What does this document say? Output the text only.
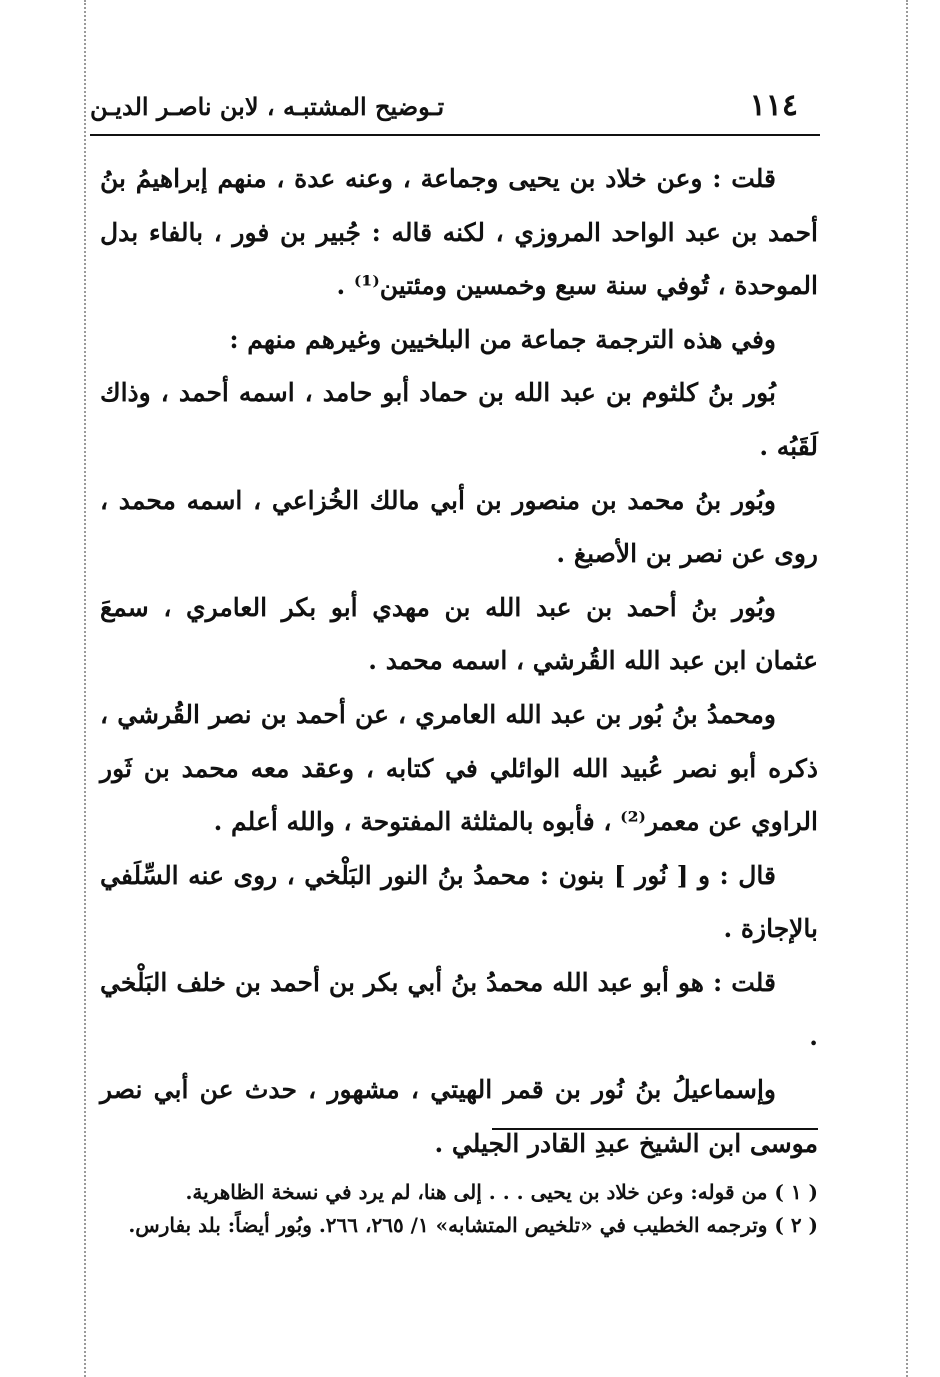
١١٤
تـوضيح المشتبـه ، لابن ناصـر الديـن

قلت : وعن خلاد بن يحيى وجماعة ، وعنه عدة ، منهم إبراهيمُ بنُ أحمد بن عبد الواحد المروزي ، لكنه قاله : جُبير بن فور ، بالفاء بدل الموحدة ، تُوفي سنة سبع وخمسين ومئتين⁽¹⁾ .

وفي هذه الترجمة جماعة من البلخيين وغيرهم منهم :

بُور بنُ كلثوم بن عبد الله بن حماد أبو حامد ، اسمه أحمد ، وذاك لَقَبُه .

وبُور بنُ محمد بن منصور بن أبي مالك الخُزاعي ، اسمه محمد ، روى عن نصر بن الأصبغ .

وبُور بنُ أحمد بن عبد الله بن مهدي أبو بكر العامري ، سمعَ عثمان ابن عبد الله القُرشي ، اسمه محمد .

ومحمدُ بنُ بُور بن عبد الله العامري ، عن أحمد بن نصر القُرشي ، ذكره أبو نصر عُبيد الله الوائلي في كتابه ، وعقد معه محمد بن ثَور الراوي عن معمر⁽²⁾ ، فأبوه بالمثلثة المفتوحة ، والله أعلم .

قال : و [ نُور ] بنون : محمدُ بنُ النور البَلْخي ، روى عنه السِّلَفي بالإجازة .

قلت : هو أبو عبد الله محمدُ بنُ أبي بكر بن أحمد بن خلف البَلْخي .

وإسماعيلُ بنُ نُور بن قمر الهيتي ، مشهور ، حدث عن أبي نصر موسى ابن الشيخ عبدِ القادر الجيلي .

( ١ ) من قوله: وعن خلاد بن يحيى . . . إلى هنا، لم يرد في نسخة الظاهرية.

( ٢ ) وترجمه الخطيب في «تلخيص المتشابه» ١/ ٢٦٥، ٢٦٦. وبُور أيضاً: بلد بفارس.
